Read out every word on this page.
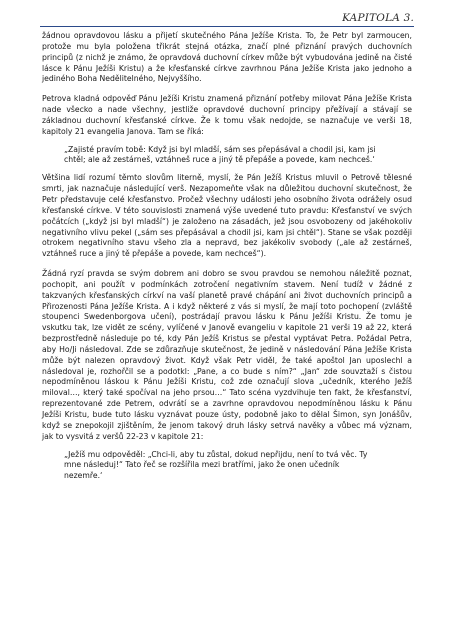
KAPITOLA 3.

žádnou opravdovou lásku a přijetí skutečného Pána Ježíše Krista. To, že Petr byl zarmoucen, protože mu byla položena třikrát stejná otázka, značí plné přiznání pravých duchovních principů (z nichž je známo, že opravdová duchovní církev může být vybudována jedině na čisté lásce k Pánu Ježíši Kristu) a že křesťanské církve zavrhnou Pána Ježíše Krista jako jednoho a jediného Boha Nedělitelného, Nejvyššího.

Petrova kladná odpověď Pánu Ježíši Kristu znamená přiznání potřeby milovat Pána Ježíše Krista nade všecko a nade všechny, jestliže opravdové duchovní principy přežívají a stávají se základnou duchovní křesťanské církve. Že k tomu však nedojde, se naznačuje ve verši 18, kapitoly 21 evangelia Janova. Tam se říká:

„Zajisté pravím tobě: Když jsi byl mladší, sám ses přepásával a chodil jsi, kam jsi chtěl; ale až zestárneš, vztáhneš ruce a jiný tě přepáše a povede, kam nechceš.‘

Většina lidí rozumí těmto slovům literně, myslí, že Pán Ježíš Kristus mluvil o Petrově tělesné smrti, jak naznačuje následující verš. Nezapomeňte však na důležitou duchovní skutečnost, že Petr představuje celé křesťanstvo. Pročež všechny události jeho osobního života odrážely osud křesťanské církve. V této souvislosti znamená výše uvedené tuto pravdu: Křesťanství ve svých počátcích („když jsi byl mladší“) je založeno na zásadách, jež jsou osvobozeny od jakéhokoliv negativního vlivu pekel („sám ses přepásával a chodil jsi, kam jsi chtěl“). Stane se však později otrokem negativního stavu všeho zla a nepravd, bez jakékoliv svobody („ale až zestárneš, vztáhneš ruce a jiný tě přepáše a povede, kam nechceš“).

Žádná ryzí pravda se svým dobrem ani dobro se svou pravdou se nemohou náležitě poznat, pochopit, ani použít v podmínkách zotročení negativním stavem. Není tudíž v žádné z takzvaných křesťanských církví na vaší planetě pravé chápání ani život duchovních principů a Přirozenosti Pána Ježíše Krista. A i když některé z vás si myslí, že mají toto pochopení (zvláště stoupenci Swedenborgova učení), postrádají pravou lásku k Pánu Ježíši Kristu. Že tomu je vskutku tak, lze vidět ze scény, vylíčené v Janově evangeliu v kapitole 21 verši 19 až 22, která bezprostředně následuje po té, kdy Pán Ježíš Kristus se přestal vyptávat Petra. Požádal Petra, aby Ho/Ji následoval. Zde se zdůrazňuje skutečnost, že jedině v následování Pána Ježíše Krista může být nalezen opravdový život. Když však Petr viděl, že také apoštol Jan uposlechl a následoval je, rozhořčil se a podotkl: „Pane, a co bude s ním?“ „Jan“ zde souvztaží s čistou nepodmíněnou láskou k Pánu Ježíši Kristu, což zde označují slova „učedník, kterého Ježíš miloval…, který také spočíval na jeho prsou…“ Tato scéna vyzdvihuje ten fakt, že křesťanství, reprezentované zde Petrem, odvrátí se a zavrhne opravdovou nepodmíněnou lásku k Pánu Ježíši Kristu, bude tuto lásku vyznávat pouze ústy, podobně jako to dělal Šimon, syn Jonášův, když se znepokojil zjištěním, že jenom takový druh lásky setrvá navěky a vůbec má význam, jak to vysvitá z veršů 22-23 v kapitole 21:

„Ježíš mu odpověděl: „Chci-li, aby tu zůstal, dokud nepřijdu, není to tvá věc. Ty mne následuj!“ Tato řeč se rozšířila mezi bratřími, jako že onen učedník nezemře.‘
